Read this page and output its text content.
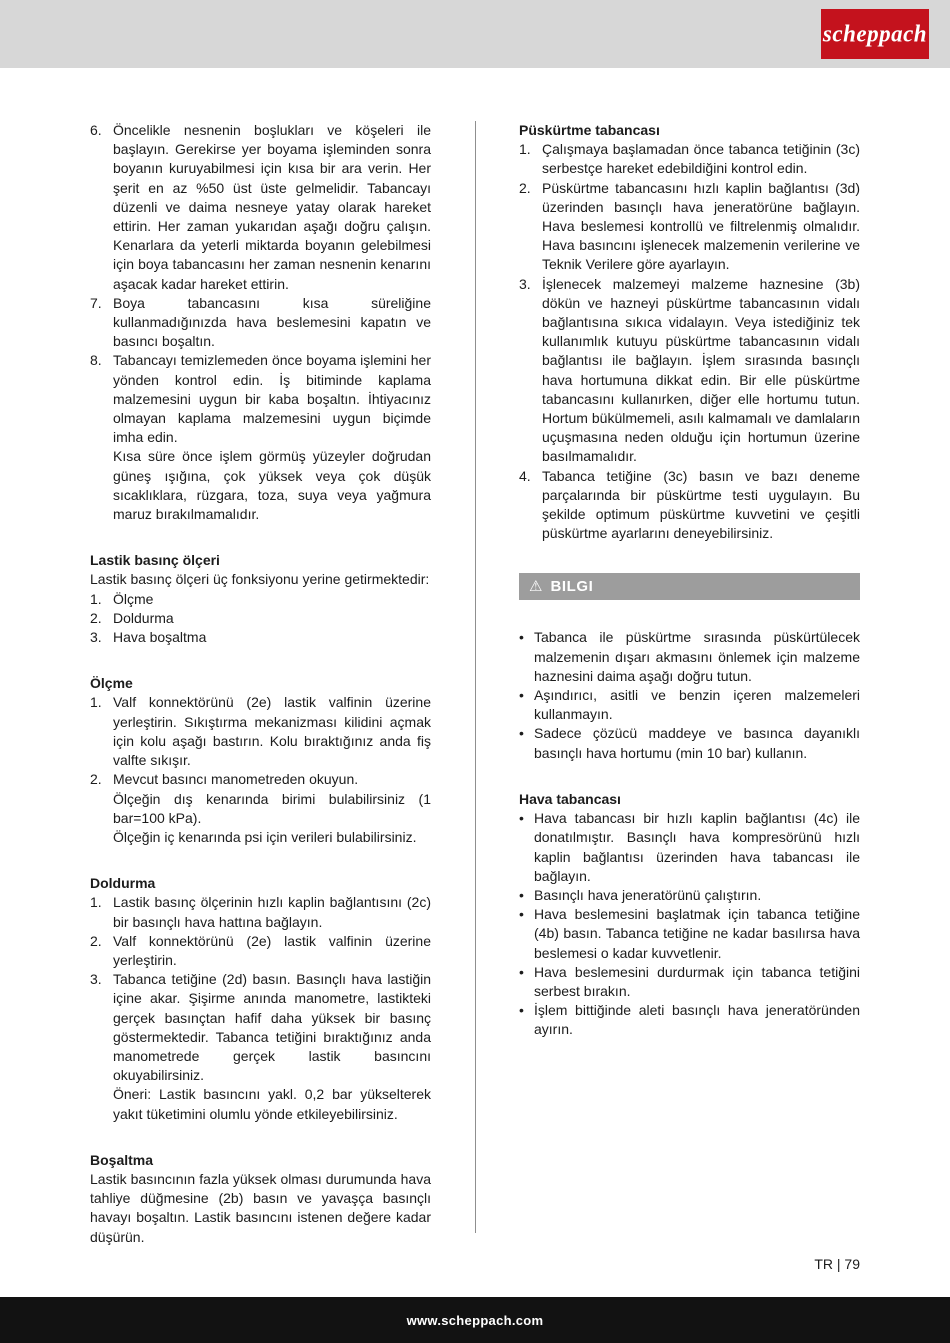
scheppach
6. Öncelikle nesnenin boşlukları ve köşeleri ile başlayın. Gerekirse yer boyama işleminden sonra boyanın kuruyabilmesi için kısa bir ara verin. Her şerit en az %50 üst üste gelmelidir. Tabancayı düzenli ve daima nesneye yatay olarak hareket ettirin. Her zaman yukarıdan aşağı doğru çalışın. Kenarlara da yeterli miktarda boyanın gelebilmesi için boya tabancasını her zaman nesnenin kenarını aşacak kadar hareket ettirin.
7. Boya tabancasını kısa süreliğine kullanmadığınızda hava beslemesini kapatın ve basıncı boşaltın.
8. Tabancayı temizlemeden önce boyama işlemini her yönden kontrol edin. İş bitiminde kaplama malzemesini uygun bir kaba boşaltın. İhtiyacınız olmayan kaplama malzemesini uygun biçimde imha edin.
Kısa süre önce işlem görmüş yüzeyler doğrudan güneş ışığına, çok yüksek veya çok düşük sıcaklıklara, rüzgara, toza, suya veya yağmura maruz bırakılmamalıdır.
Lastik basınç ölçeri

Lastik basınç ölçeri üç fonksiyonu yerine getirmektedir:

1. Ölçme
2. Doldurma
3. Hava boşaltma
Ölçme
1. Valf konnektörünü (2e) lastik valfinin üzerine yerleştirin. Sıkıştırma mekanizması kilidini açmak için kolu aşağı bastırın. Kolu bıraktığınız anda fiş valfte sıkışır.
2. Mevcut basıncı manometreden okuyun.
Ölçeğin dış kenarında birimi bulabilirsiniz (1 bar=100 kPa).
Ölçeğin iç kenarında psi için verileri bulabilirsiniz.
Doldurma
1. Lastik basınç ölçerinin hızlı kaplin bağlantısını (2c) bir basınçlı hava hattına bağlayın.
2. Valf konnektörünü (2e) lastik valfinin üzerine yerleştirin.
3. Tabanca tetiğine (2d) basın. Basınçlı hava lastiğin içine akar. Şişirme anında manometre, lastikteki gerçek basınçtan hafif daha yüksek bir basınç göstermektedir. Tabanca tetiğini bıraktığınız anda manometrede gerçek lastik basıncını okuyabilirsiniz.
Öneri: Lastik basıncını yakl. 0,2 bar yükselterek yakıt tüketimini olumlu yönde etkileyebilirsiniz.
Boşaltma

Lastik basıncının fazla yüksek olması durumunda hava tahliye düğmesine (2b) basın ve yavaşça basınçlı havayı boşaltın. Lastik basıncını istenen değere kadar düşürün.

Püskürtme tabancası
1. Çalışmaya başlamadan önce tabanca tetiğinin (3c) serbestçe hareket edebildiğini kontrol edin.
2. Püskürtme tabancasını hızlı kaplin bağlantısı (3d) üzerinden basınçlı hava jeneratörüne bağlayın. Hava beslemesi kontrollü ve filtrelenmiş olmalıdır. Hava basıncını işlenecek malzemenin verilerine ve Teknik Verilere göre ayarlayın.
3. İşlenecek malzemeyi malzeme haznesine (3b) dökün ve hazneyi püskürtme tabancasının vidalı bağlantısına sıkıca vidalayın. Veya istediğiniz tek kullanımlık kutuyu püskürtme tabancasının vidalı bağlantısı ile bağlayın. İşlem sırasında basınçlı hava hortumuna dikkat edin. Bir elle püskürtme tabancasını kullanırken, diğer elle hortumu tutun. Hortum bükülmemeli, asılı kalmamalı ve damlaların uçuşmasına neden olduğu için hortumun üzerine basılmamalıdır.
4. Tabanca tetiğine (3c) basın ve bazı deneme parçalarında bir püskürtme testi uygulayın. Bu şekilde optimum püskürtme kuvvetini ve çeşitli püskürtme ayarlarını deneyebilirsiniz.
⚠ BILGI
• Tabanca ile püskürtme sırasında püskürtülecek malzemenin dışarı akmasını önlemek için malzeme haznesini daima aşağı doğru tutun.
• Aşındırıcı, asitli ve benzin içeren malzemeleri kullanmayın.
• Sadece çözücü maddeye ve basınca dayanıklı basınçlı hava hortumu (min 10 bar) kullanın.
Hava tabancası
• Hava tabancası bir hızlı kaplin bağlantısı (4c) ile donatılmıştır. Basınçlı hava kompresörünü hızlı kaplin bağlantısı üzerinden hava tabancası ile bağlayın.
• Basınçlı hava jeneratörünü çalıştırın.
• Hava beslemesini başlatmak için tabanca tetiğine (4b) basın. Tabanca tetiğine ne kadar basılırsa hava beslemesi o kadar kuvvetlenir.
• Hava beslemesini durdurmak için tabanca tetiğini serbest bırakın.
• İşlem bittiğinde aleti basınçlı hava jeneratöründen ayırın.
TR | 79
www.scheppach.com
